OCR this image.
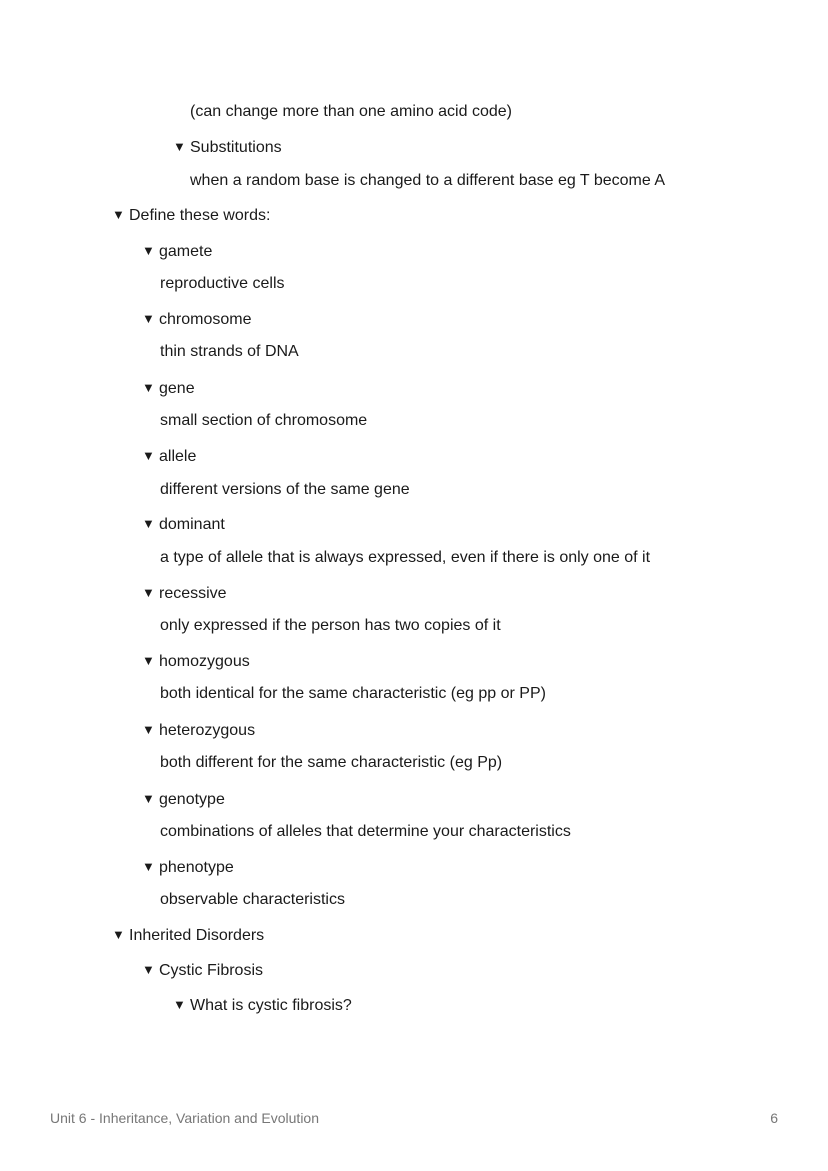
(can change more than one amino acid code)
▼ Substitutions
when a random base is changed to a different base eg T become A
▼ Define these words:
▼ gamete
reproductive cells
▼ chromosome
thin strands of DNA
▼ gene
small section of chromosome
▼ allele
different versions of the same gene
▼ dominant
a type of allele that is always expressed, even if there is only one of it
▼ recessive
only expressed if the person has two copies of it
▼ homozygous
both identical for the same characteristic (eg pp or PP)
▼ heterozygous
both different for the same characteristic (eg Pp)
▼ genotype
combinations of alleles that determine your characteristics
▼ phenotype
observable characteristics
▼ Inherited Disorders
▼ Cystic Fibrosis
▼ What is cystic fibrosis?
Unit 6 - Inheritance, Variation and Evolution	6
